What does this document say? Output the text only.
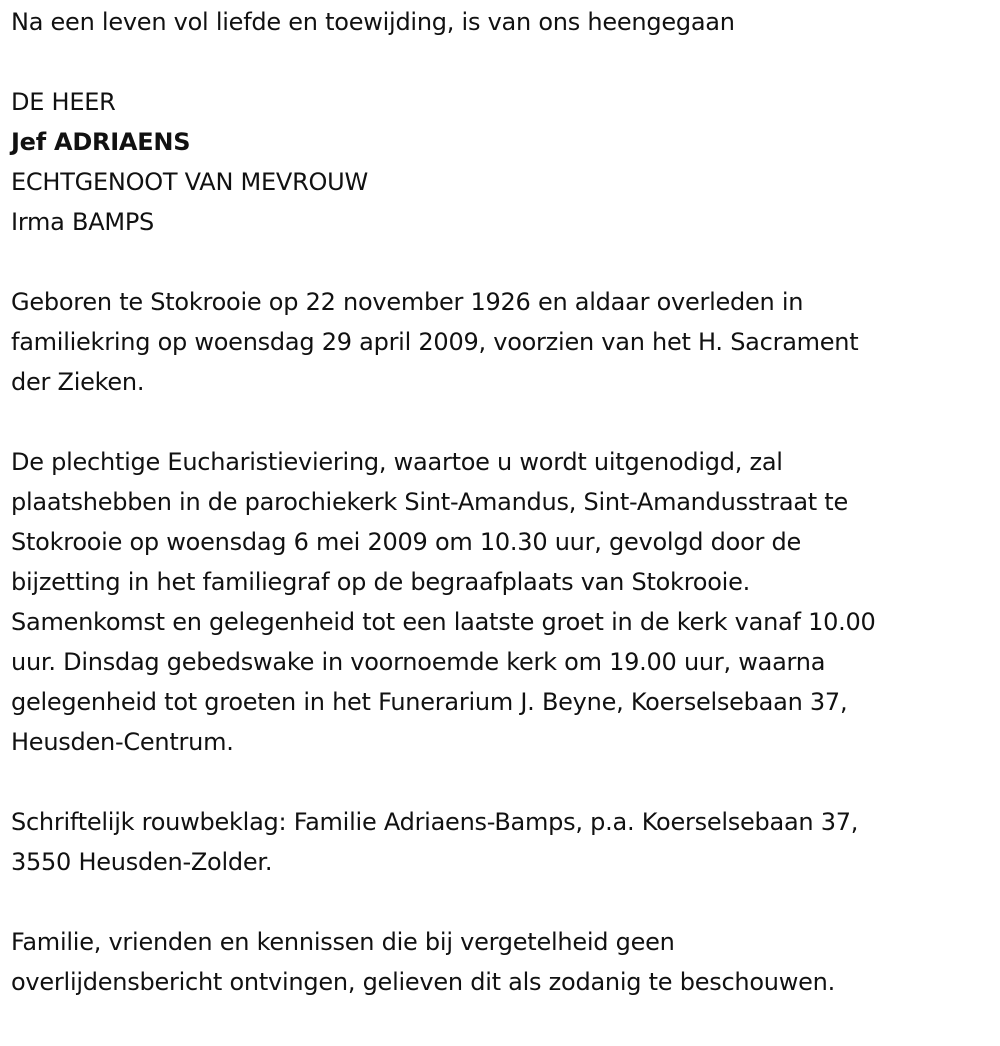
Na een leven vol liefde en toewijding, is van ons heengegaan
DE HEER
Jef ADRIAENS
ECHTGENOOT VAN MEVROUW
Irma BAMPS
Geboren te Stokrooie op 22 november 1926 en aldaar overleden in
familiekring op woensdag 29 april 2009, voorzien van het H. Sacrament
der Zieken.
De plechtige Eucharistieviering, waartoe u wordt uitgenodigd, zal
plaatshebben in de parochiekerk Sint-Amandus, Sint-Amandusstraat te
Stokrooie op woensdag 6 mei 2009 om 10.30 uur, gevolgd door de
bijzetting in het familiegraf op de begraafplaats van Stokrooie.
Samenkomst en gelegenheid tot een laatste groet in de kerk vanaf 10.00
uur. Dinsdag gebedswake in voornoemde kerk om 19.00 uur, waarna
gelegenheid tot groeten in het Funerarium J. Beyne, Koerselsebaan 37,
Heusden-Centrum.
Schriftelijk rouwbeklag: Familie Adriaens-Bamps, p.a. Koerselsebaan 37,
3550 Heusden-Zolder.
Familie, vrienden en kennissen die bij vergetelheid geen
overlijdensbericht ontvingen, gelieven dit als zodanig te beschouwen.
